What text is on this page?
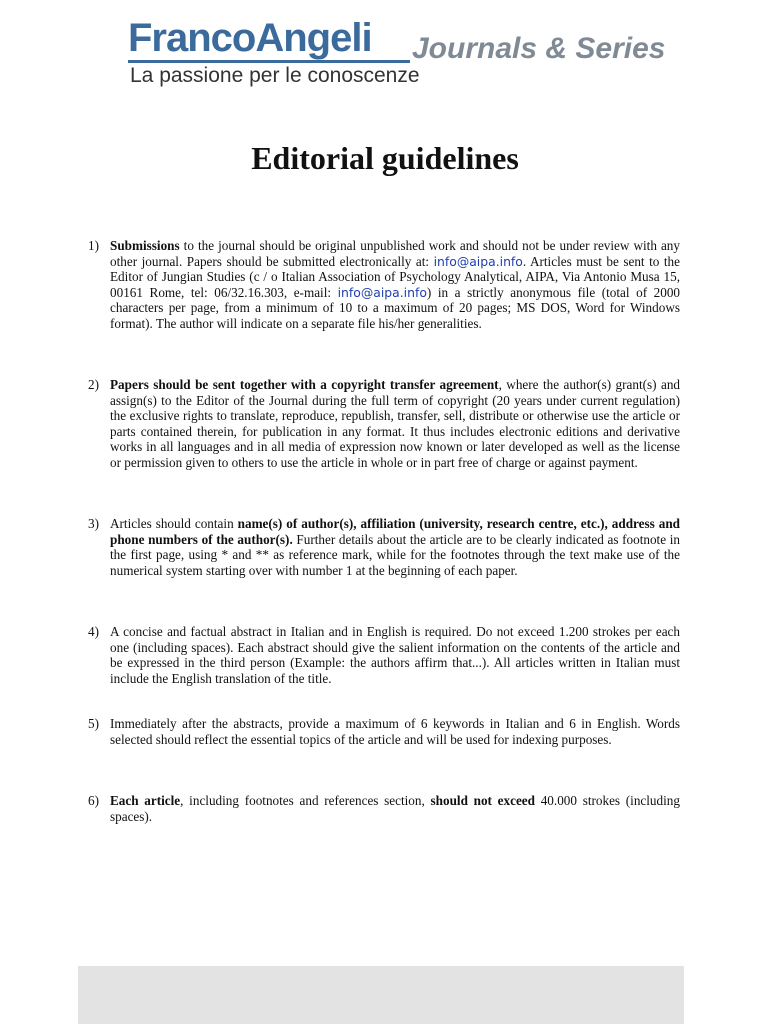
FrancoAngeli Journals & Series
La passione per le conoscenze
Editorial guidelines
1) Submissions to the journal should be original unpublished work and should not be under review with any other journal. Papers should be submitted electronically at: info@aipa.info. Articles must be sent to the Editor of Jungian Studies (c / o Italian Association of Psychology Analytical, AIPA, Via Antonio Musa 15, 00161 Rome, tel: 06/32.16.303, e-mail: info@aipa.info) in a strictly anonymous file (total of 2000 characters per page, from a minimum of 10 to a maximum of 20 pages; MS DOS, Word for Windows format). The author will indicate on a separate file his/her generalities.
2) Papers should be sent together with a copyright transfer agreement, where the author(s) grant(s) and assign(s) to the Editor of the Journal during the full term of copyright (20 years under current regulation) the exclusive rights to translate, reproduce, republish, transfer, sell, distribute or otherwise use the article or parts contained therein, for publication in any format. It thus includes electronic editions and derivative works in all languages and in all media of expression now known or later developed as well as the license or permission given to others to use the article in whole or in part free of charge or against payment.
3) Articles should contain name(s) of author(s), affiliation (university, research centre, etc.), address and phone numbers of the author(s). Further details about the article are to be clearly indicated as footnote in the first page, using * and ** as reference mark, while for the footnotes through the text make use of the numerical system starting over with number 1 at the beginning of each paper.
4) A concise and factual abstract in Italian and in English is required. Do not exceed 1.200 strokes per each one (including spaces). Each abstract should give the salient information on the contents of the article and be expressed in the third person (Example: the authors affirm that...). All articles written in Italian must include the English translation of the title.
5) Immediately after the abstracts, provide a maximum of 6 keywords in Italian and 6 in English. Words selected should reflect the essential topics of the article and will be used for indexing purposes.
6) Each article, including footnotes and references section, should not exceed 40.000 strokes (including spaces).
